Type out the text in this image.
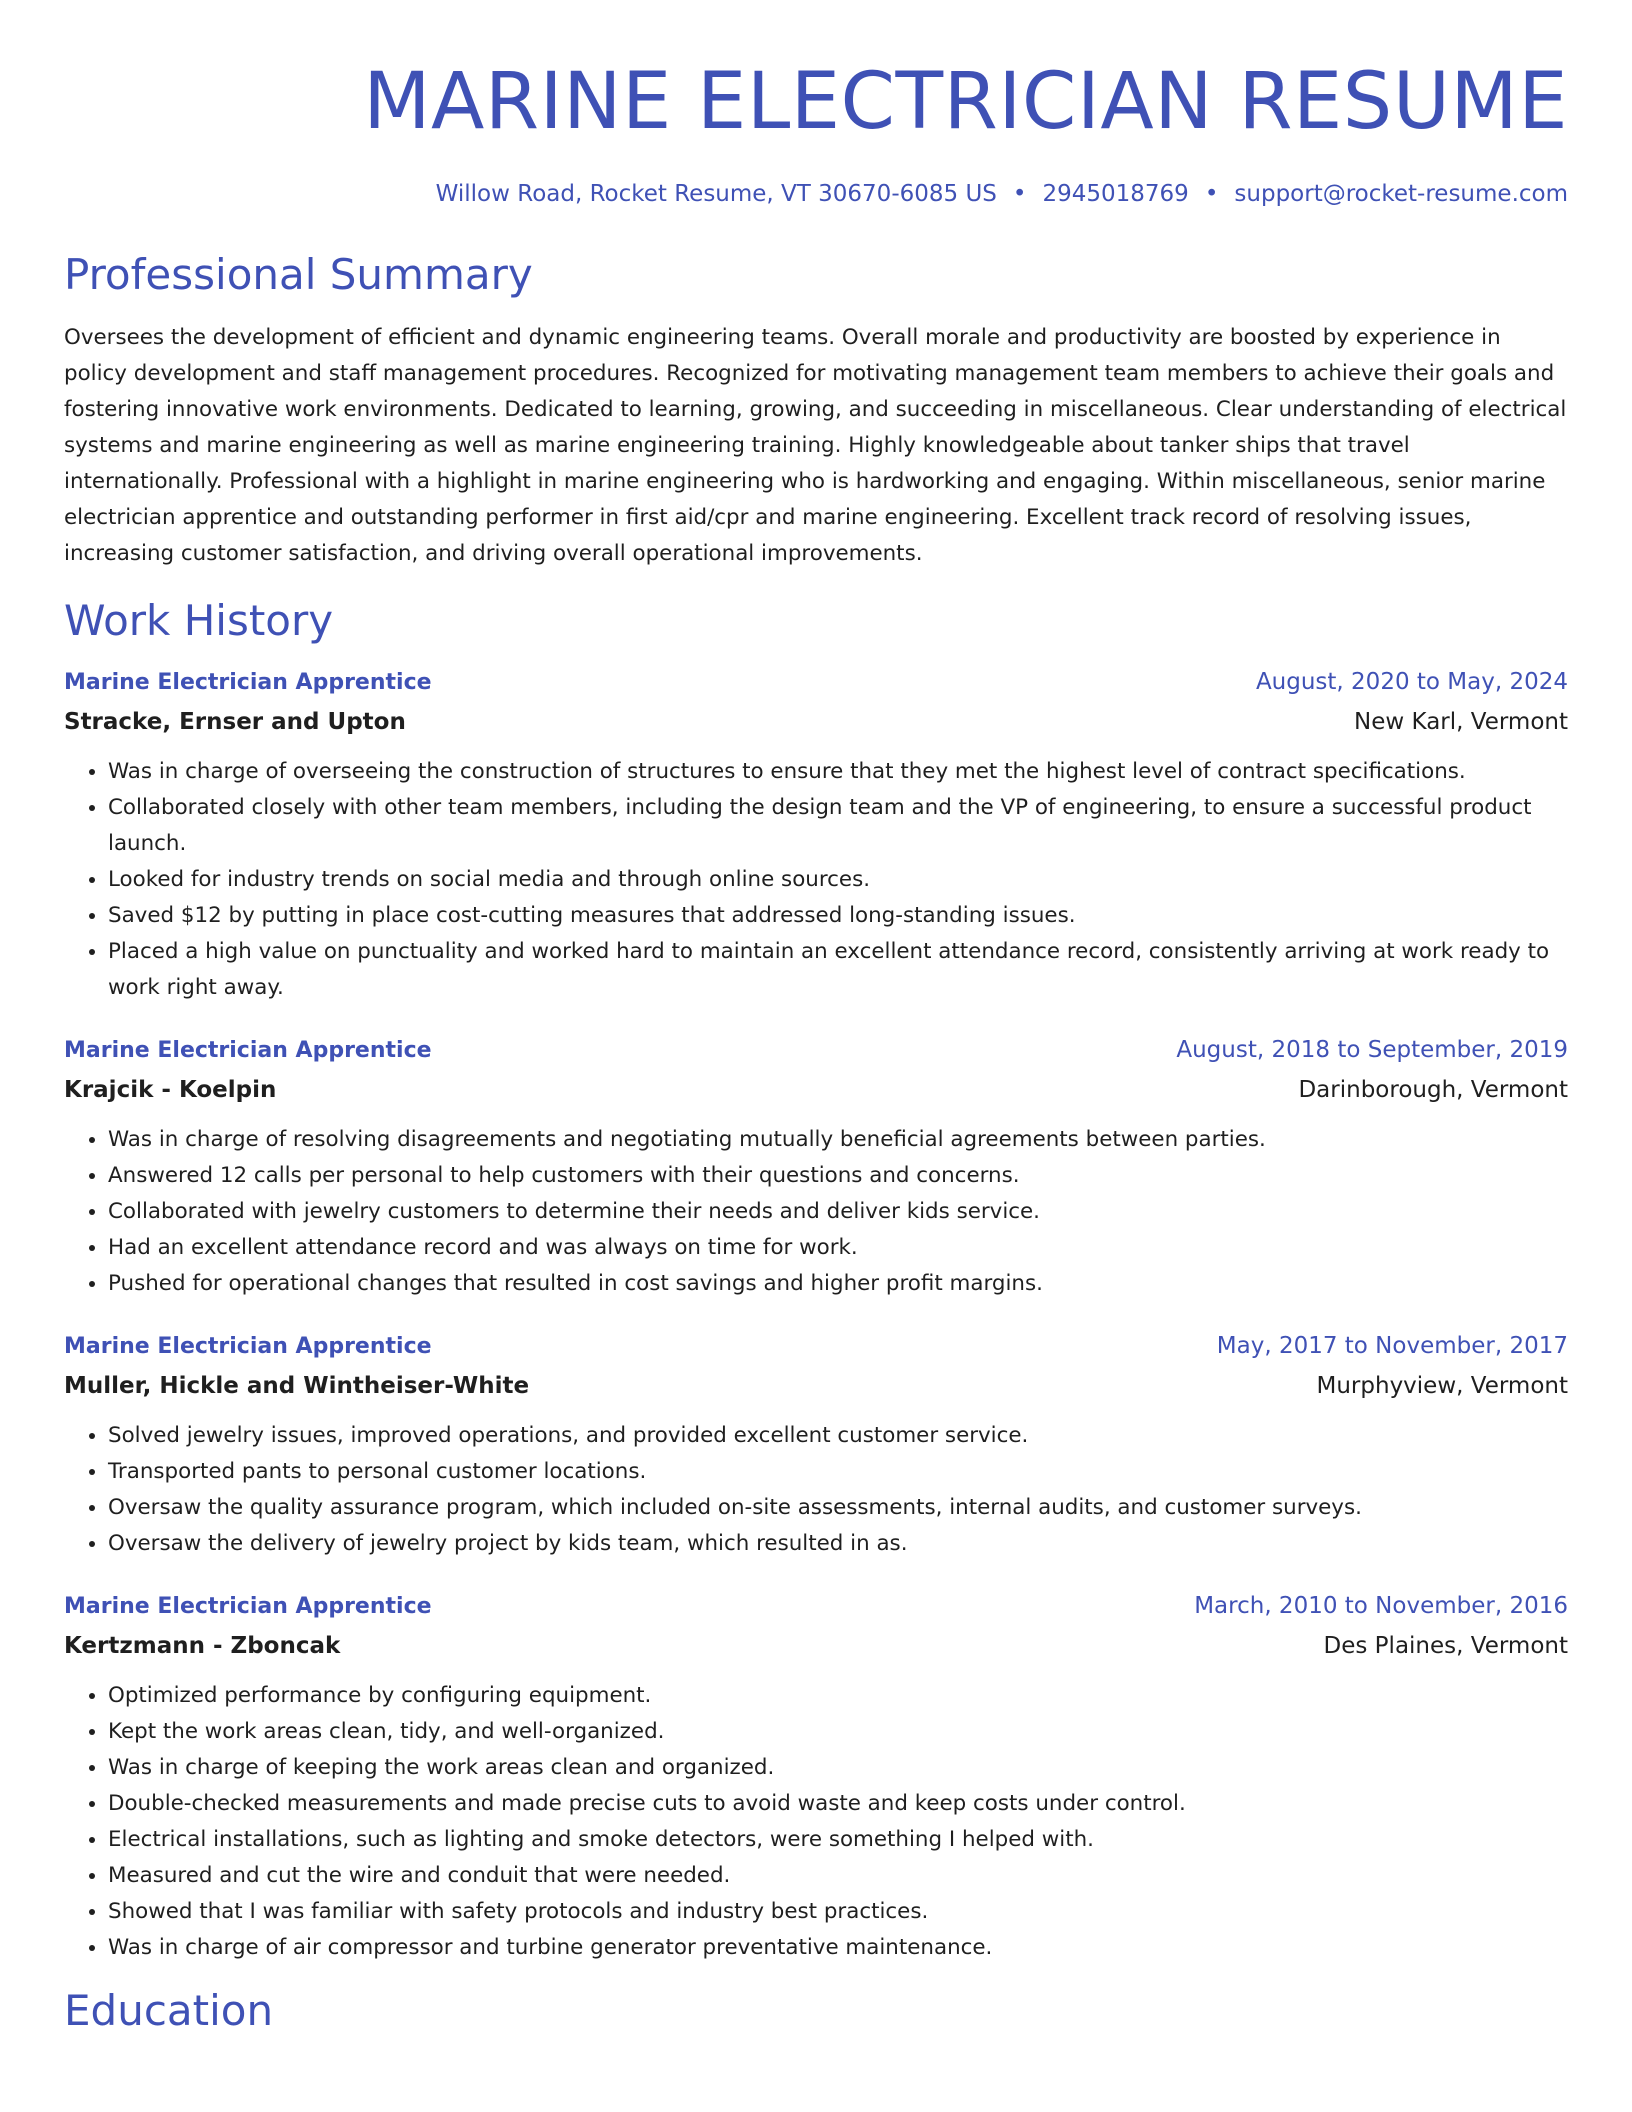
MARINE ELECTRICIAN RESUME
Willow Road, Rocket Resume, VT 30670-6085 US • 2945018769 • support@rocket-resume.com
Professional Summary
Oversees the development of efficient and dynamic engineering teams. Overall morale and productivity are boosted by experience in policy development and staff management procedures. Recognized for motivating management team members to achieve their goals and fostering innovative work environments. Dedicated to learning, growing, and succeeding in miscellaneous. Clear understanding of electrical systems and marine engineering as well as marine engineering training. Highly knowledgeable about tanker ships that travel internationally. Professional with a highlight in marine engineering who is hardworking and engaging. Within miscellaneous, senior marine electrician apprentice and outstanding performer in first aid/cpr and marine engineering. Excellent track record of resolving issues, increasing customer satisfaction, and driving overall operational improvements.
Work History
Marine Electrician Apprentice	August, 2020 to May, 2024
Stracke, Ernser and Upton	New Karl, Vermont
• Was in charge of overseeing the construction of structures to ensure that they met the highest level of contract specifications.
• Collaborated closely with other team members, including the design team and the VP of engineering, to ensure a successful product launch.
• Looked for industry trends on social media and through online sources.
• Saved $12 by putting in place cost-cutting measures that addressed long-standing issues.
• Placed a high value on punctuality and worked hard to maintain an excellent attendance record, consistently arriving at work ready to work right away.
Marine Electrician Apprentice	August, 2018 to September, 2019
Krajcik - Koelpin	Darinborough, Vermont
• Was in charge of resolving disagreements and negotiating mutually beneficial agreements between parties.
• Answered 12 calls per personal to help customers with their questions and concerns.
• Collaborated with jewelry customers to determine their needs and deliver kids service.
• Had an excellent attendance record and was always on time for work.
• Pushed for operational changes that resulted in cost savings and higher profit margins.
Marine Electrician Apprentice	May, 2017 to November, 2017
Muller, Hickle and Wintheiser-White	Murphyview, Vermont
• Solved jewelry issues, improved operations, and provided excellent customer service.
• Transported pants to personal customer locations.
• Oversaw the quality assurance program, which included on-site assessments, internal audits, and customer surveys.
• Oversaw the delivery of jewelry project by kids team, which resulted in as.
Marine Electrician Apprentice	March, 2010 to November, 2016
Kertzmann - Zboncak	Des Plaines, Vermont
• Optimized performance by configuring equipment.
• Kept the work areas clean, tidy, and well-organized.
• Was in charge of keeping the work areas clean and organized.
• Double-checked measurements and made precise cuts to avoid waste and keep costs under control.
• Electrical installations, such as lighting and smoke detectors, were something I helped with.
• Measured and cut the wire and conduit that were needed.
• Showed that I was familiar with safety protocols and industry best practices.
• Was in charge of air compressor and turbine generator preventative maintenance.
Education
